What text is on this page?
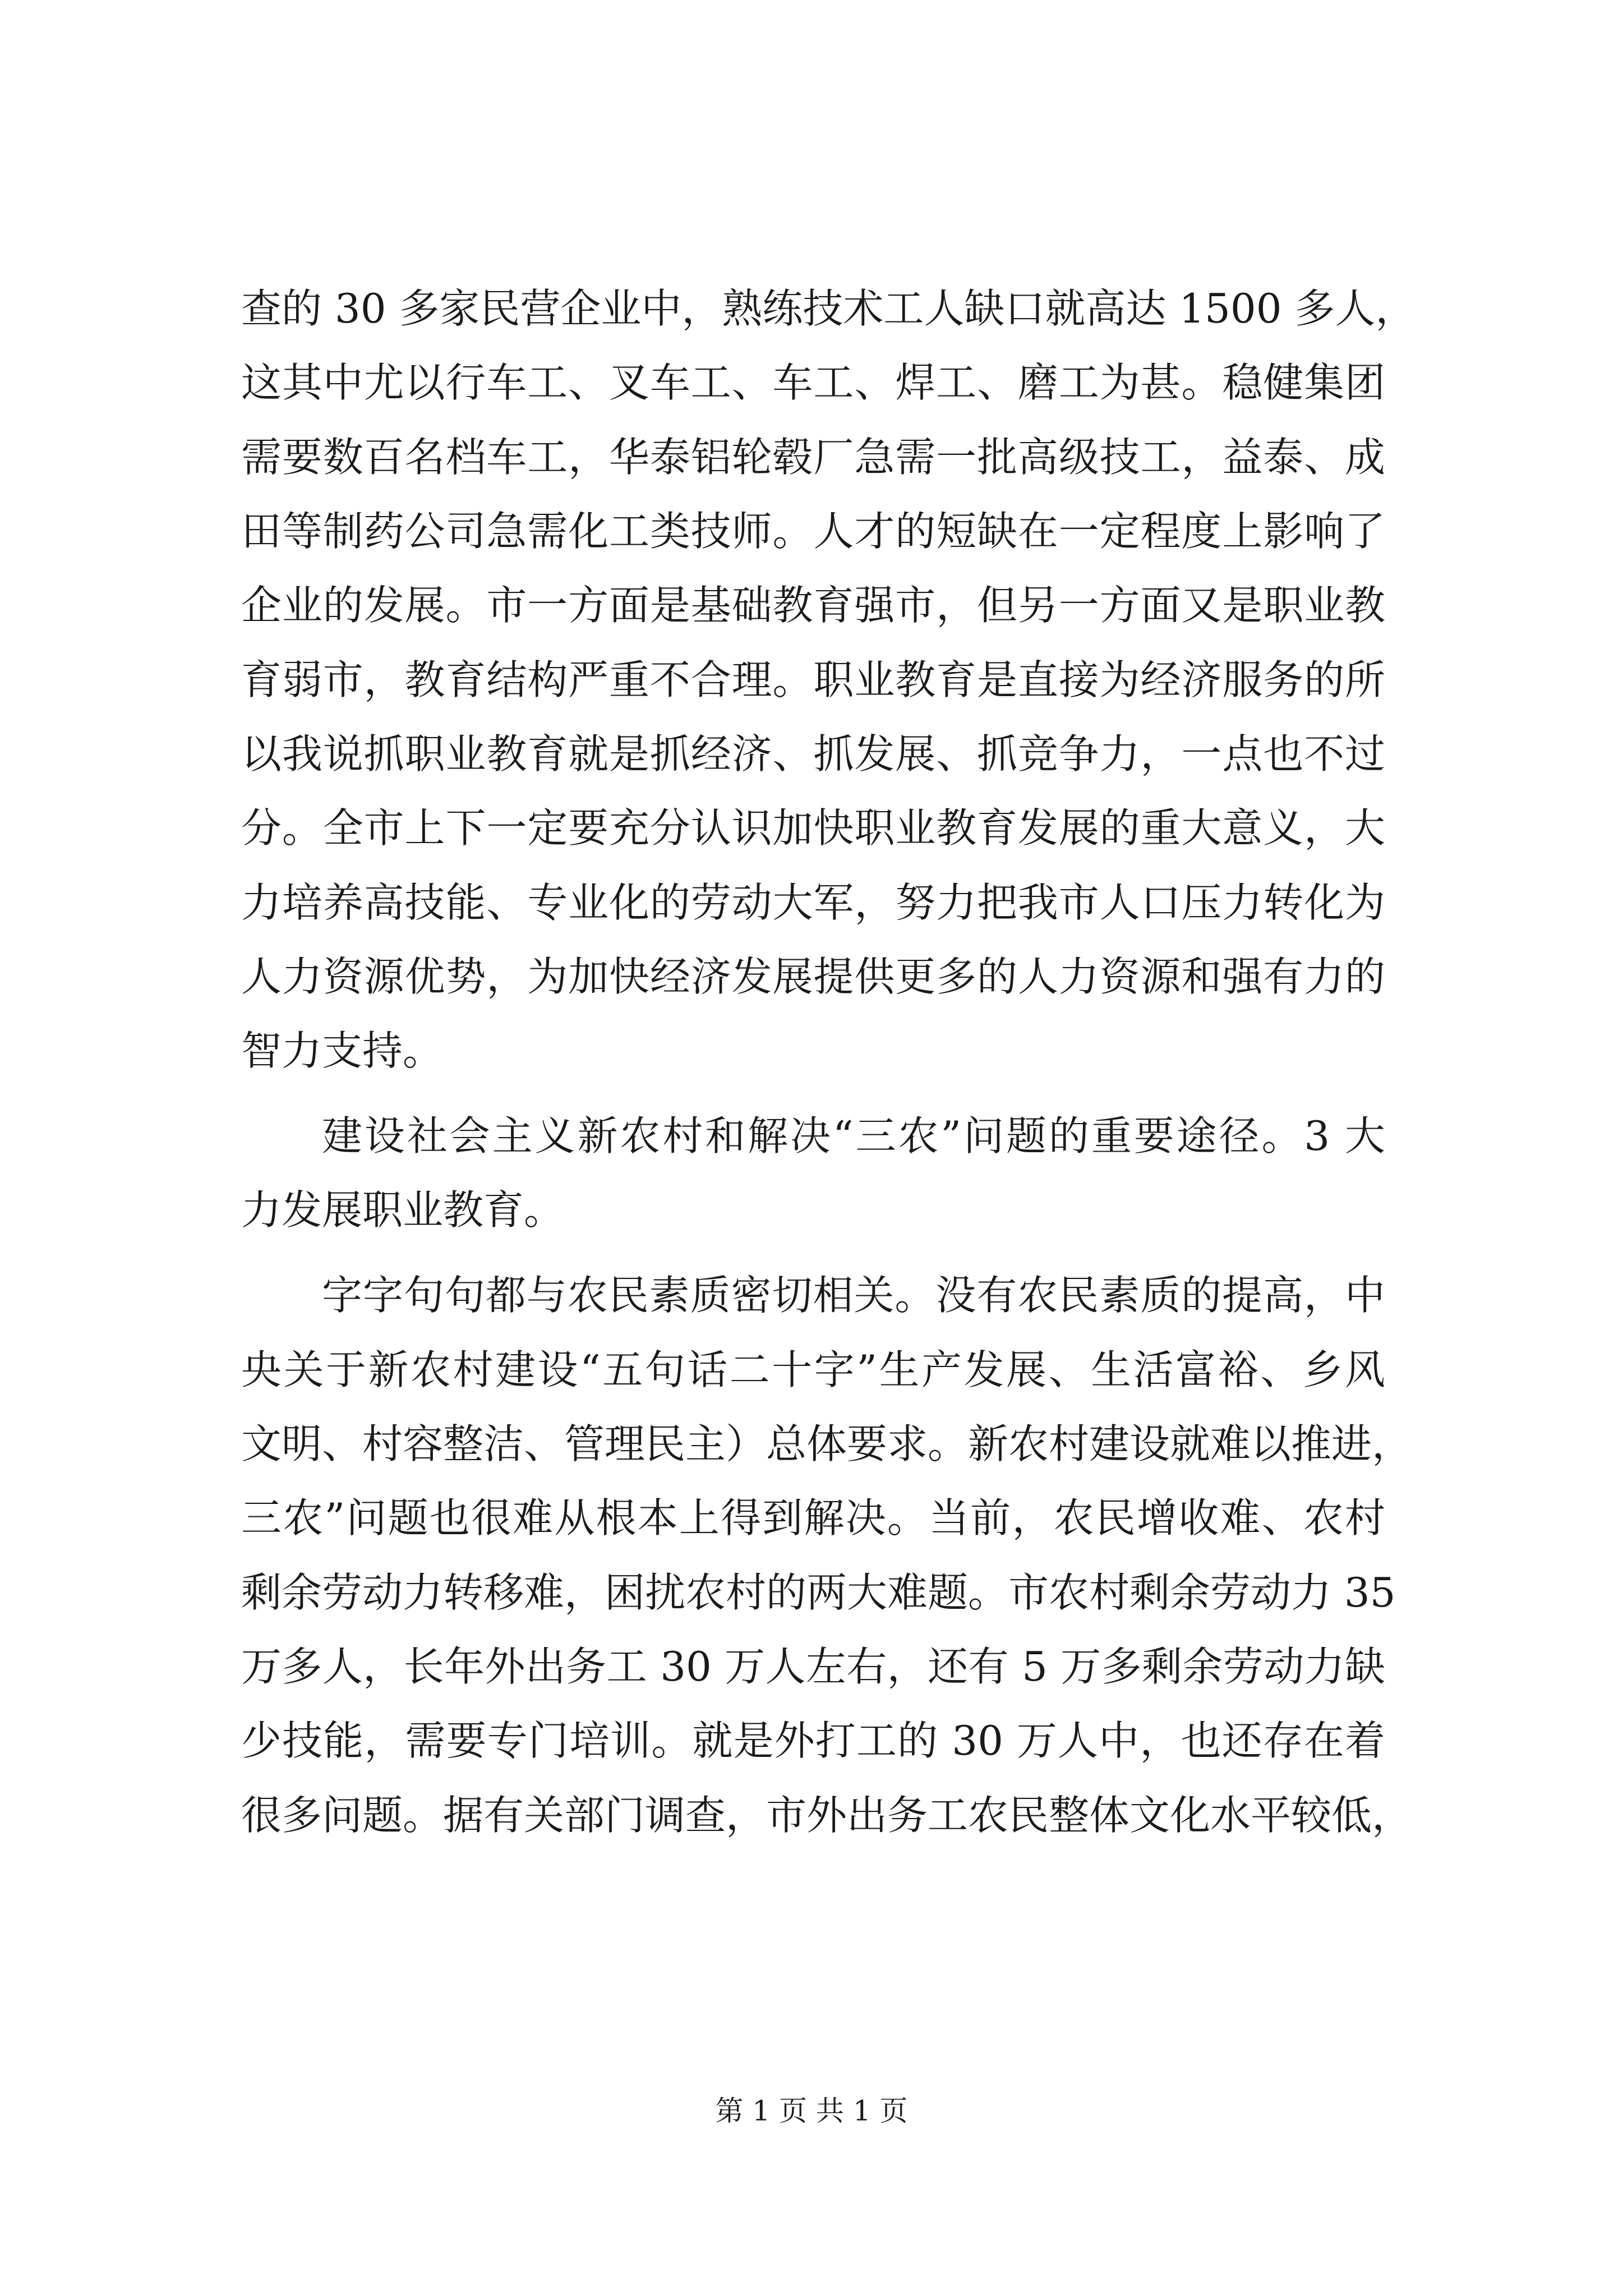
查的 30 多家民营企业中，熟练技术工人缺口就高达 1500 多人，
这其中尤以行车工、叉车工、车工、焊工、磨工为甚。稳健集团
需要数百名档车工，华泰铝轮毂厂急需一批高级技工，益泰、成
田等制药公司急需化工类技师。人才的短缺在一定程度上影响了
企业的发展。市一方面是基础教育强市，但另一方面又是职业教
育弱市，教育结构严重不合理。职业教育是直接为经济服务的所
以我说抓职业教育就是抓经济、抓发展、抓竞争力，一点也不过
分。全市上下一定要充分认识加快职业教育发展的重大意义，大
力培养高技能、专业化的劳动大军，努力把我市人口压力转化为
人力资源优势，为加快经济发展提供更多的人力资源和强有力的
智力支持。
建设社会主义新农村和解决“三农”问题的重要途径。3 大
力发展职业教育。
字字句句都与农民素质密切相关。没有农民素质的提高，中
央关于新农村建设“五句话二十字”生产发展、生活富裕、乡风
文明、村容整洁、管理民主）总体要求。新农村建设就难以推进，
三农”问题也很难从根本上得到解决。当前，农民增收难、农村
剩余劳动力转移难，困扰农村的两大难题。市农村剩余劳动力 35
万多人，长年外出务工 30 万人左右，还有 5 万多剩余劳动力缺
少技能，需要专门培训。就是外打工的 30 万人中，也还存在着
很多问题。据有关部门调查，市外出务工农民整体文化水平较低，
第 1 页 共 1 页
